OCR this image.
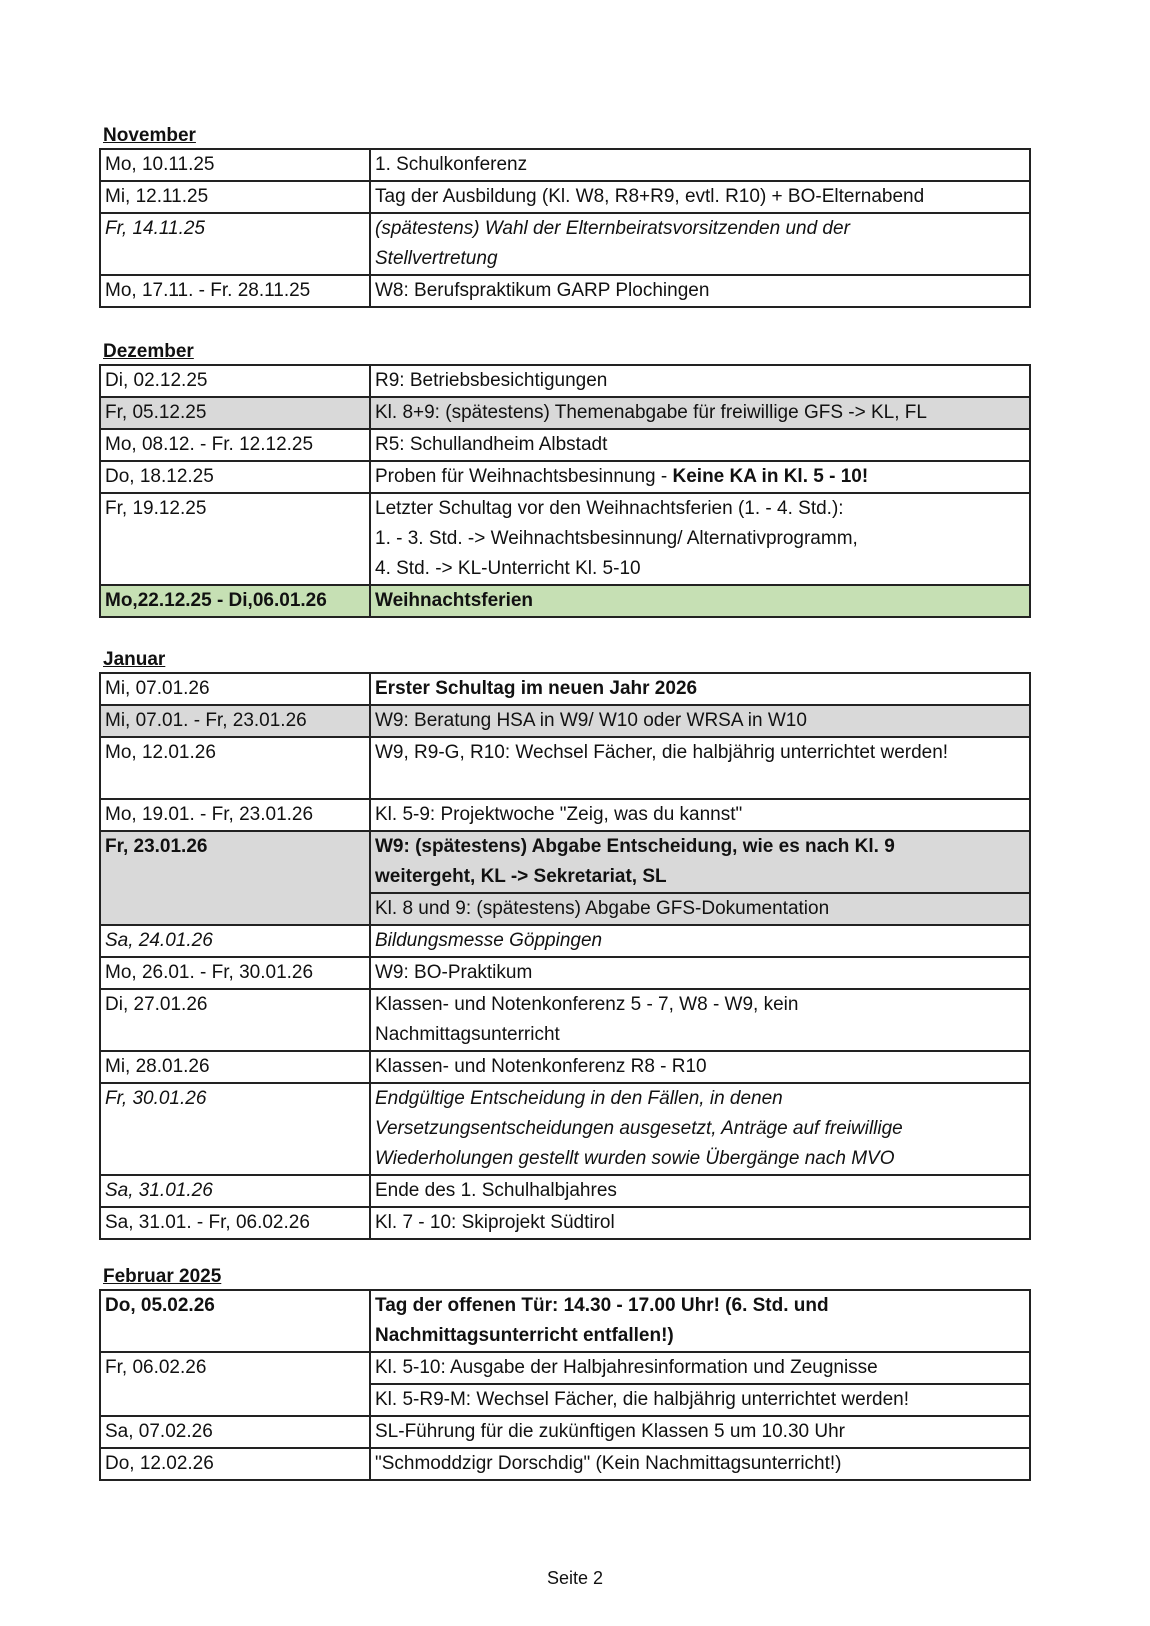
November
Mo, 10.11.25	1. Schulkonferenz

Mi, 12.11.25	Tag der Ausbildung (Kl. W8, R8+R9, evtl. R10) + BO-Elternabend

Fr, 14.11.25	(spätestens) Wahl der Elternbeiratsvorsitzenden und der
Stellvertretung

Mo, 17.11. - Fr. 28.11.25	W8: Berufspraktikum GARP Plochingen
Dezember
Di, 02.12.25	R9: Betriebsbesichtigungen

Fr, 05.12.25	Kl. 8+9: (spätestens) Themenabgabe für freiwillige GFS -> KL, FL

Mo, 08.12. - Fr. 12.12.25	R5: Schullandheim Albstadt

Do, 18.12.25	Proben für Weihnachtsbesinnung - Keine KA in Kl. 5 - 10!

Fr, 19.12.25	Letzter Schultag vor den Weihnachtsferien (1. - 4. Std.):
1. - 3. Std. -> Weihnachtsbesinnung/ Alternativprogramm,
4. Std. -> KL-Unterricht Kl. 5-10

Mo,22.12.25 - Di,06.01.26	Weihnachtsferien
Januar
Mi, 07.01.26	Erster Schultag im neuen Jahr 2026

Mi, 07.01. - Fr, 23.01.26	W9: Beratung HSA in W9/ W10 oder WRSA in W10

Mo, 12.01.26	W9, R9-G, R10: Wechsel Fächer, die halbjährig unterrichtet werden!

Mo, 19.01. - Fr, 23.01.26	Kl. 5-9: Projektwoche "Zeig, was du kannst"

Fr, 23.01.26	W9: (spätestens) Abgabe Entscheidung, wie es nach Kl. 9
weitergeht, KL -> Sekretariat, SL

	Kl. 8 und 9: (spätestens) Abgabe GFS-Dokumentation

Sa, 24.01.26	Bildungsmesse Göppingen

Mo, 26.01. - Fr, 30.01.26	W9: BO-Praktikum

Di, 27.01.26	Klassen- und Notenkonferenz 5 - 7, W8 - W9, kein
Nachmittagsunterricht

Mi, 28.01.26	Klassen- und Notenkonferenz R8 - R10

Fr, 30.01.26	Endgültige Entscheidung in den Fällen, in denen
Versetzungsentscheidungen ausgesetzt, Anträge auf freiwillige
Wiederholungen gestellt wurden sowie Übergänge nach MVO

Sa, 31.01.26	Ende des 1. Schulhalbjahres

Sa, 31.01. - Fr, 06.02.26	Kl. 7 - 10: Skiprojekt Südtirol
Februar 2025
Do, 05.02.26	Tag der offenen Tür: 14.30 - 17.00 Uhr! (6. Std. und
Nachmittagsunterricht entfallen!)

Fr, 06.02.26	Kl. 5-10: Ausgabe der Halbjahresinformation und Zeugnisse

	Kl. 5-R9-M: Wechsel Fächer, die halbjährig unterrichtet werden!

Sa, 07.02.26	SL-Führung für die zukünftigen Klassen 5 um 10.30 Uhr

Do, 12.02.26	"Schmoddzigr Dorschdig" (Kein Nachmittagsunterricht!)
Seite 2
